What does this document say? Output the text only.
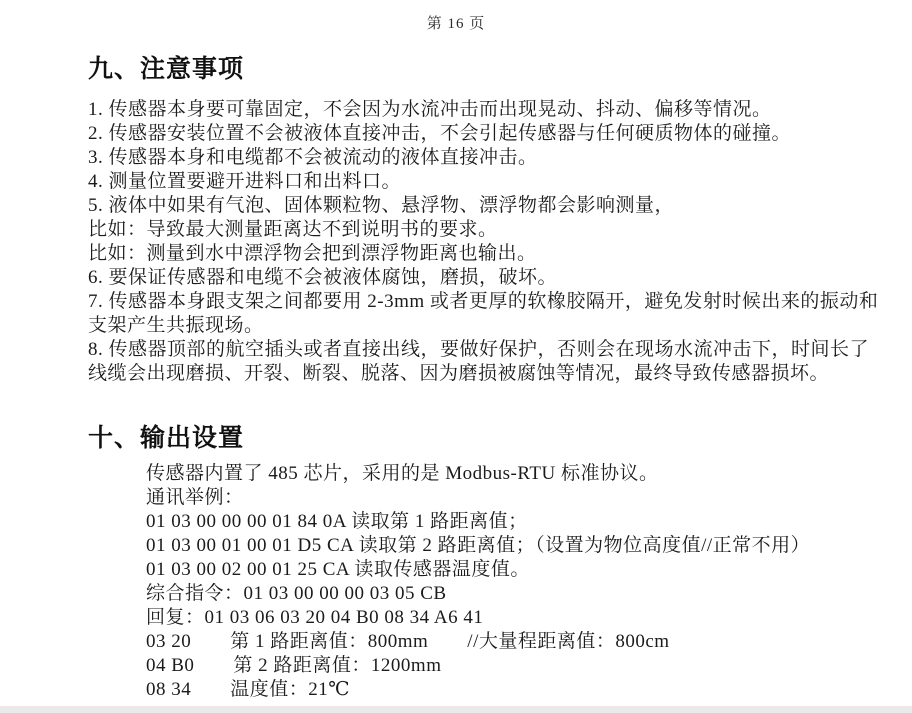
第 16 页
九、注意事项
1. 传感器本身要可靠固定，不会因为水流冲击而出现晃动、抖动、偏移等情况。
2. 传感器安装位置不会被液体直接冲击，不会引起传感器与任何硬质物体的碰撞。
3. 传感器本身和电缆都不会被流动的液体直接冲击。
4. 测量位置要避开进料口和出料口。
5. 液体中如果有气泡、固体颗粒物、悬浮物、漂浮物都会影响测量，
比如：导致最大测量距离达不到说明书的要求。
比如：测量到水中漂浮物会把到漂浮物距离也输出。
6. 要保证传感器和电缆不会被液体腐蚀，磨损，破坏。
7. 传感器本身跟支架之间都要用 2-3mm 或者更厚的软橡胶隔开，避免发射时候出来的振动和
支架产生共振现场。
8. 传感器顶部的航空插头或者直接出线，要做好保护，否则会在现场水流冲击下，时间长了
线缆会出现磨损、开裂、断裂、脱落、因为磨损被腐蚀等情况，最终导致传感器损坏。
十、输出设置
传感器内置了 485 芯片，采用的是 Modbus-RTU 标准协议。
通讯举例：
01 03 00 00 00 01 84 0A 读取第 1 路距离值；
01 03 00 01 00 01 D5 CA 读取第 2 路距离值；（设置为物位高度值//正常不用）
01 03 00 02 00 01 25 CA 读取传感器温度值。
综合指令：01 03 00 00 00 03 05 CB
回复：01 03 06 03 20 04 B0 08 34 A6 41
03 20　　第 1 路距离值：800mm　　//大量程距离值：800cm
04 B0　　第 2 路距离值：1200mm
08 34　　温度值：21℃
